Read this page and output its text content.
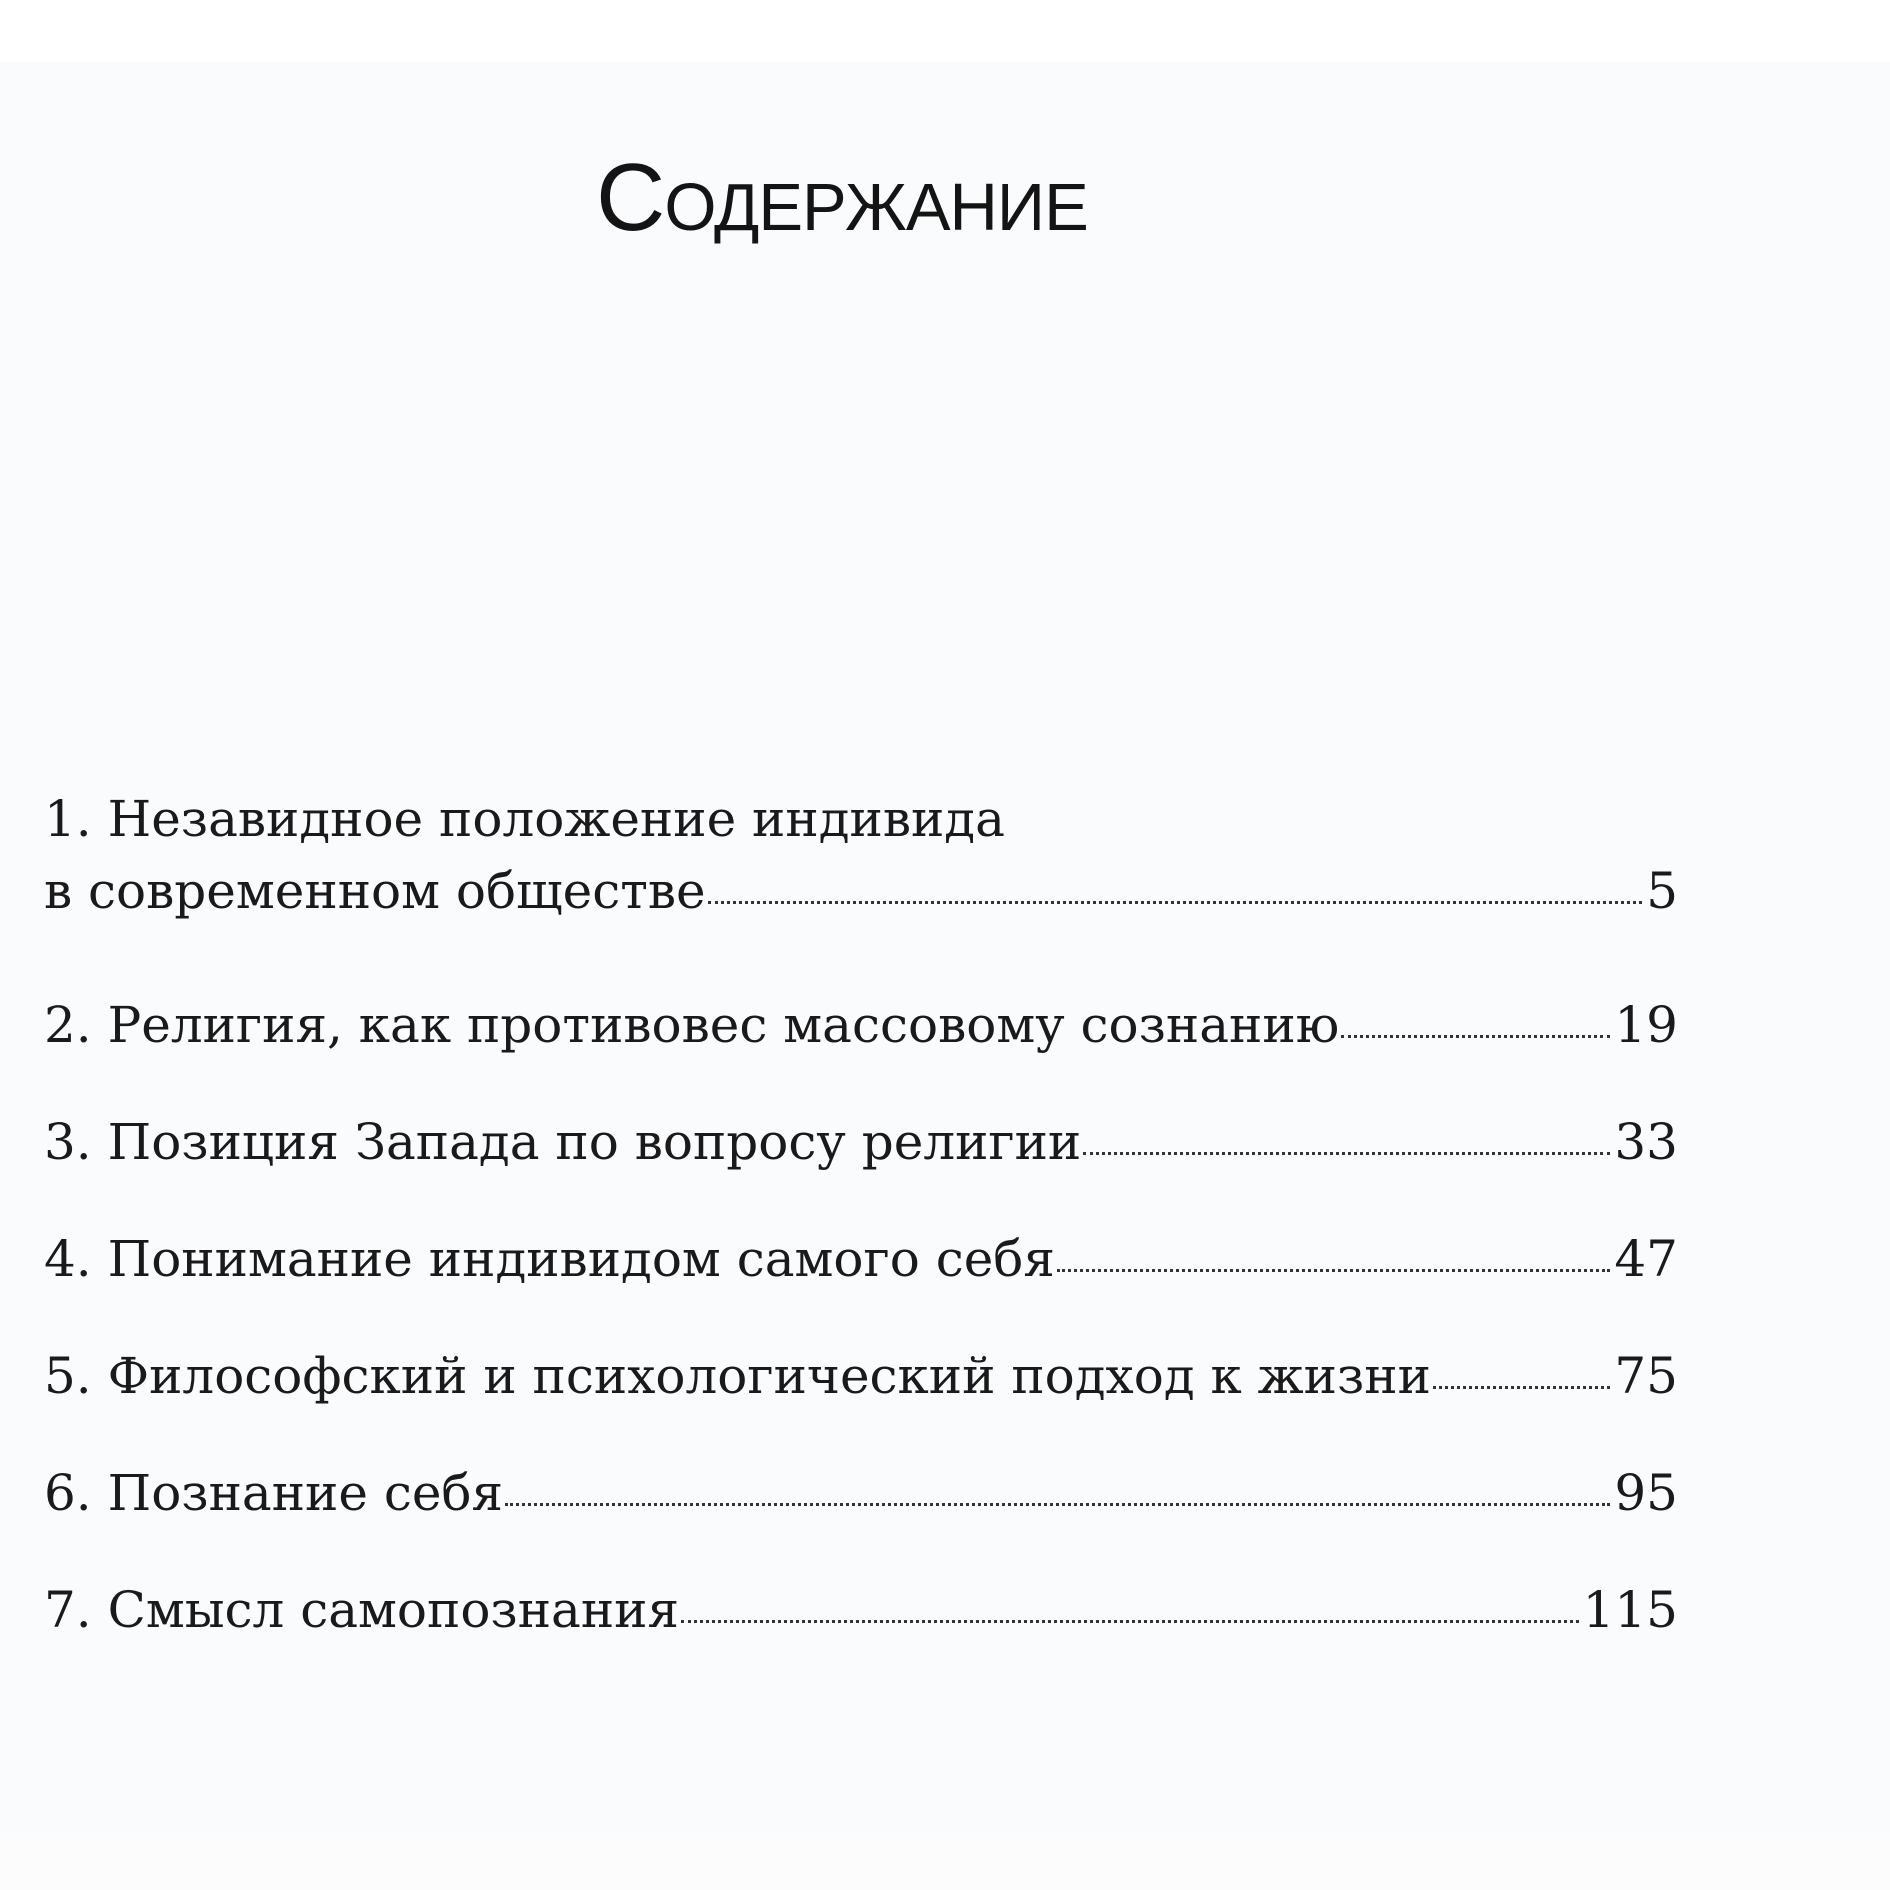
Содержание
1. Незавидное положение индивида
в современном обществе	5
2. Религия, как противовес массовому сознанию	19
3. Позиция Запада по вопросу религии	33
4. Понимание индивидом самого себя	47
5. Философский и психологический подход к жизни	75
6. Познание себя	95
7. Смысл самопознания	115
